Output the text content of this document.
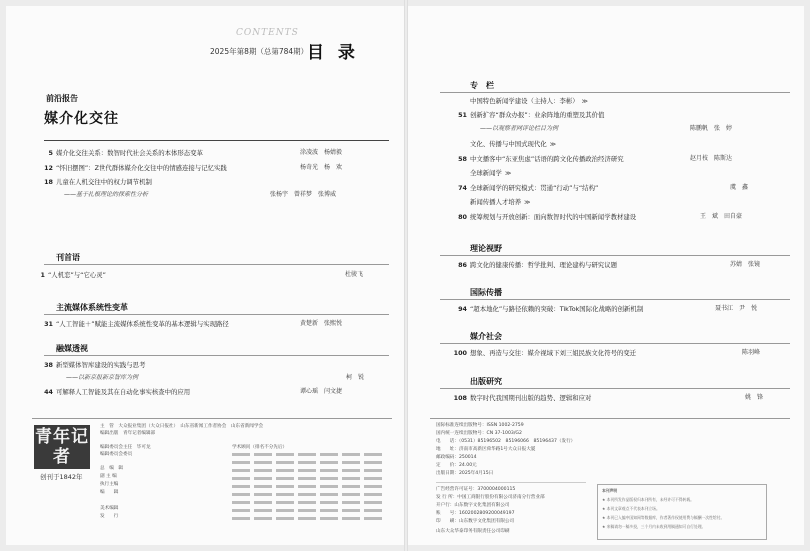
CONTENTS
2025年第8期（总第784期）
目 录
前沿报告
媒介化交往
5 媒介化交往关系：数智时代社会关系的本体形态变革	涂凌波　杨婧毅
12 “怀旧摆图”：Z世代群体媒介化交往中的情感连接与记忆实践	杨奇光　杨　欢
18 儿童在人机交往中的权力调节机制
——基于扎根理论的探索性分析	张杨宇　曾祥梦　张博威
刊首语
1 “人机恋”与“它心灵”	杜骏飞
主流媒体系统性变革
31 “人工智能＋”赋能主流媒体系统性变革的基本逻辑与实现路径	黄楚新　张熙悦
融媒透视
38 新型媒体智库建设的实践与思考
——以新京报新京智库为例	柯　锐
44 可解释人工智能及其在自动化事实核查中的应用	谭心瑶　闫文捷
青年记者
创刊于1842年
主　管　大众报业集团（大众日报社）　山东省新闻工作者协会　山东省新闻学会
编辑出版　青年记者编辑部
编辑委员会主任　毕可龙
编辑委员会委员　
总　编　辑
副 主 编
执行主编
编　　辑
美术编辑
发　　行
学术顾问（排名不分先后）
专　栏
中国特色新闻学建设（主持人：李彬） ≫
51 创新扩容“群众办报”：业余阵地的重塑及其价值
——以观察者网评论栏目为例	陈鹏帆　张　婷
文化、传播与中国式现代化 ≫
58 中文播客中“东亚焦虑”话语的跨文化传播政治经济研究	赵月枝　陈斯达
全球新闻学 ≫
74 全球新闻学的研究模式：贯通“行动”与“结构”	虞　鑫
新闻传播人才培养 ≫
80 统筹规划与开放创新：面向数智时代的中国新闻学教材建设	王　斌　田自豪
理论视野
86 跨文化的健康传播：哲学批判、理论建构与研究议题	苏婧　张镜
国际传播
94 “超本地化”与路径依赖的突破：TikTok国际化战略的创新机制	聂书江　尹　悦
媒介社会
100 想象、再造与交往：媒介视域下刘三姐民族文化符号的变迁	陈羽峰
出版研究
108 数字时代我国期刊出版的趋势、逻辑和应对	姚　锋
国际标准连续出版物号：ISSN 1002-2759
国内统一连续出版物号：CN 37-1003/G2
电　　话：（0531）85196502　85196066　85196437（发行）
地　　址：济南市高新区舜华路1号大众日报大厦
邮政编码：250014
定　　价：24.00元
出版日期：2025年4月15日
广告经营许可证号：3700004000115
发 行 所：中国工商银行股份有限公司济南分行营业部
开户行：山东数字文化集团有限公司
账　　号：1602002809200049197
印　　刷：山东数字文化集团有限公司
山东大众华泰印务有限责任公司印刷
本刊声明
★ 本刊所发作品版权归本刊所有，未经许可不得转载。
★ 本刊文章观点不代表本刊立场。
★ 本刊已入编中国知网等数据库，作者著作权使用费与稿酬一次性给付。
★ 来稿请勿一稿多投，三个月内未收到用稿通知可自行处理。
